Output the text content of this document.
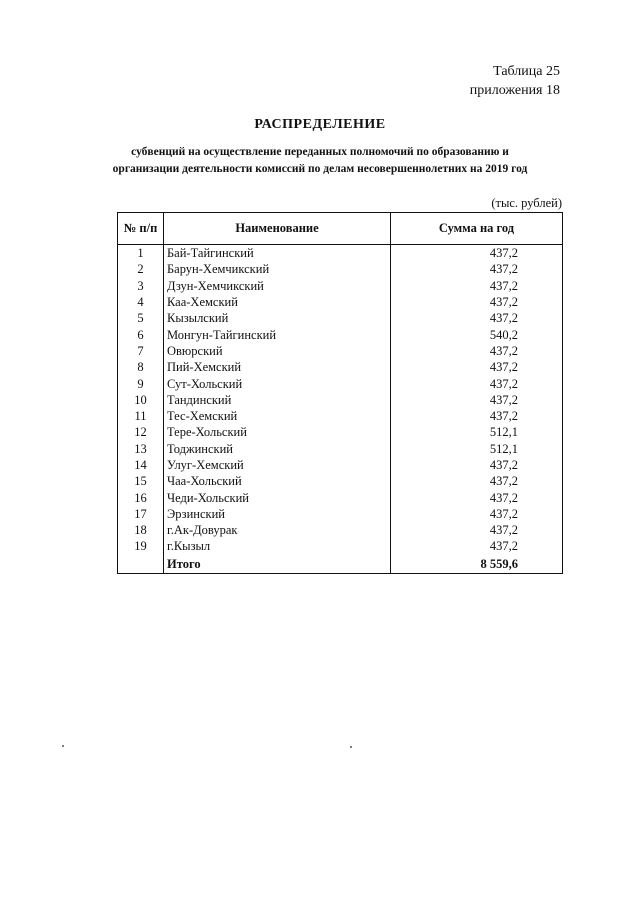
Таблица 25
приложения 18
РАСПРЕДЕЛЕНИЕ
субвенций на осуществление переданных полномочий по образованию и
организации деятельности комиссий по делам несовершеннолетних на 2019 год
(тыс. рублей)
№ п/п	Наименование	Сумма на год
1	Бай-Тайгинский	437,2
2	Барун-Хемчикский	437,2
3	Дзун-Хемчикский	437,2
4	Каа-Хемский	437,2
5	Кызылский	437,2
6	Монгун-Тайгинский	540,2
7	Овюрский	437,2
8	Пий-Хемский	437,2
9	Сут-Хольский	437,2
10	Тандинский	437,2
11	Тес-Хемский	437,2
12	Тере-Хольский	512,1
13	Тоджинский	512,1
14	Улуг-Хемский	437,2
15	Чаа-Хольский	437,2
16	Чеди-Хольский	437,2
17	Эрзинский	437,2
18	г.Ак-Довурак	437,2
19	г.Кызыл	437,2
	Итого	8 559,6
